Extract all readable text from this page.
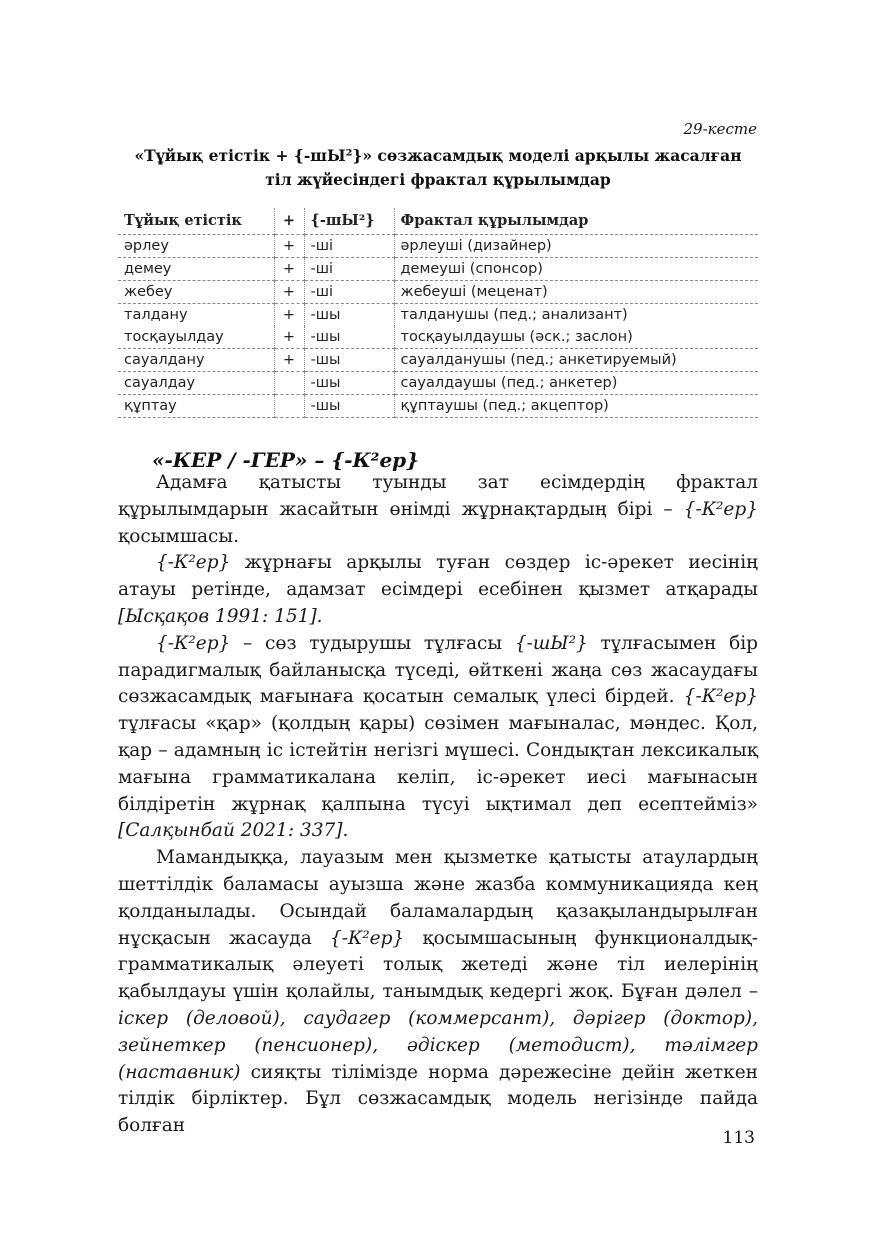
29-кесте
«Тұйық етістік + {-шЫ²}» сөзжасамдық моделі арқылы жасалған
тіл жүйесіндегі фрактал құрылымдар
Тұйық етістік	+	{-шЫ²}	Фрактал құрылымдар
әрлеу	+	-ші	әрлеуші (дизайнер)
демеу	+	-ші	демеуші (спонсор)
жебеу	+	-ші	жебеуші (меценат)
талдану	+	-шы	талданушы (пед.; анализант)
тосқауылдау	+	-шы	тосқауылдаушы (әск.; заслон)
сауалдану	+	-шы	сауалданушы (пед.; анкетируемый)
сауалдау		-шы	сауалдаушы (пед.; анкетер)
құптау		-шы	құптаушы (пед.; акцептор)
«-КЕР / -ГЕР» – {-К²ер}

Адамға қатысты туынды зат есімдердің фрактал құрылымдарын жасайтын өнімді жұрнақтардың бірі – {-К²ер} қосымшасы.

{-К²ер} жұрнағы арқылы туған сөздер іс-әрекет иесінің атауы ретінде, адамзат есімдері есебінен қызмет атқарады [Ысқақов 1991: 151].

{-К²ер} – сөз тудырушы тұлғасы {-шЫ²} тұлғасымен бір парадигмалық байланысқа түседі, өйткені жаңа сөз жасаудағы сөзжасамдық мағынаға қосатын семалық үлесі бірдей. {-К²ер} тұлғасы «қар» (қолдың қары) сөзімен мағыналас, мәндес. Қол, қар – адамның іс істейтін негізгі мүшесі. Сондықтан лексикалық мағына грамматикалана келіп, іс-әрекет иесі мағынасын білдіретін жұрнақ қалпына түсуі ықтимал деп есептейміз» [Салқынбай 2021: 337].

Мамандыққа, лауазым мен қызметке қатысты атаулардың шеттілдік баламасы ауызша және жазба коммуникацияда кең қолданылады. Осындай баламалардың қазақыландырылған нұсқасын жасауда {-К²ер} қосымшасының функционалдық-грамматикалық әлеуеті толық жетеді және тіл иелерінің қабылдауы үшін қолайлы, танымдық кедергі жоқ. Бұған дәлел – іскер (деловой), саудагер (коммерсант), дәрігер (доктор), зейнеткер (пенсионер), әдіскер (методист), тәлімгер (наставник) сияқты тілімізде норма дәрежесіне дейін жеткен тілдік бірліктер. Бұл сөзжасамдық модель негізінде пайда болған

113
